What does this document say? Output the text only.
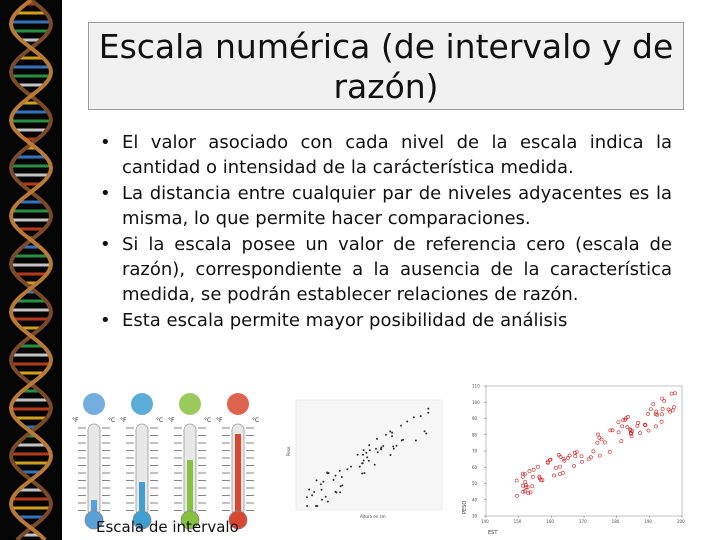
Escala numérica (de intervalo y de razón)
• El valor asociado con cada nivel de la escala indica la cantidad o intensidad de la carácterística medida.
• La distancia entre cualquier par de niveles adyacentes es la misma, lo que permite hacer comparaciones.
• Si la escala posee un valor de referencia cero (escala de razón), correspondiente a la ausencia de la característica medida, se podrán establecer relaciones de razón.
• Esta escala permite mayor posibilidad de análisis
°F	°C °F	°C °F	°C °F	°C
Altura en cm
Peso
PESO
EST
30
40
50
60
70
80
90
100
110
140	150	160	170	180	190	200
Escala de intervalo
